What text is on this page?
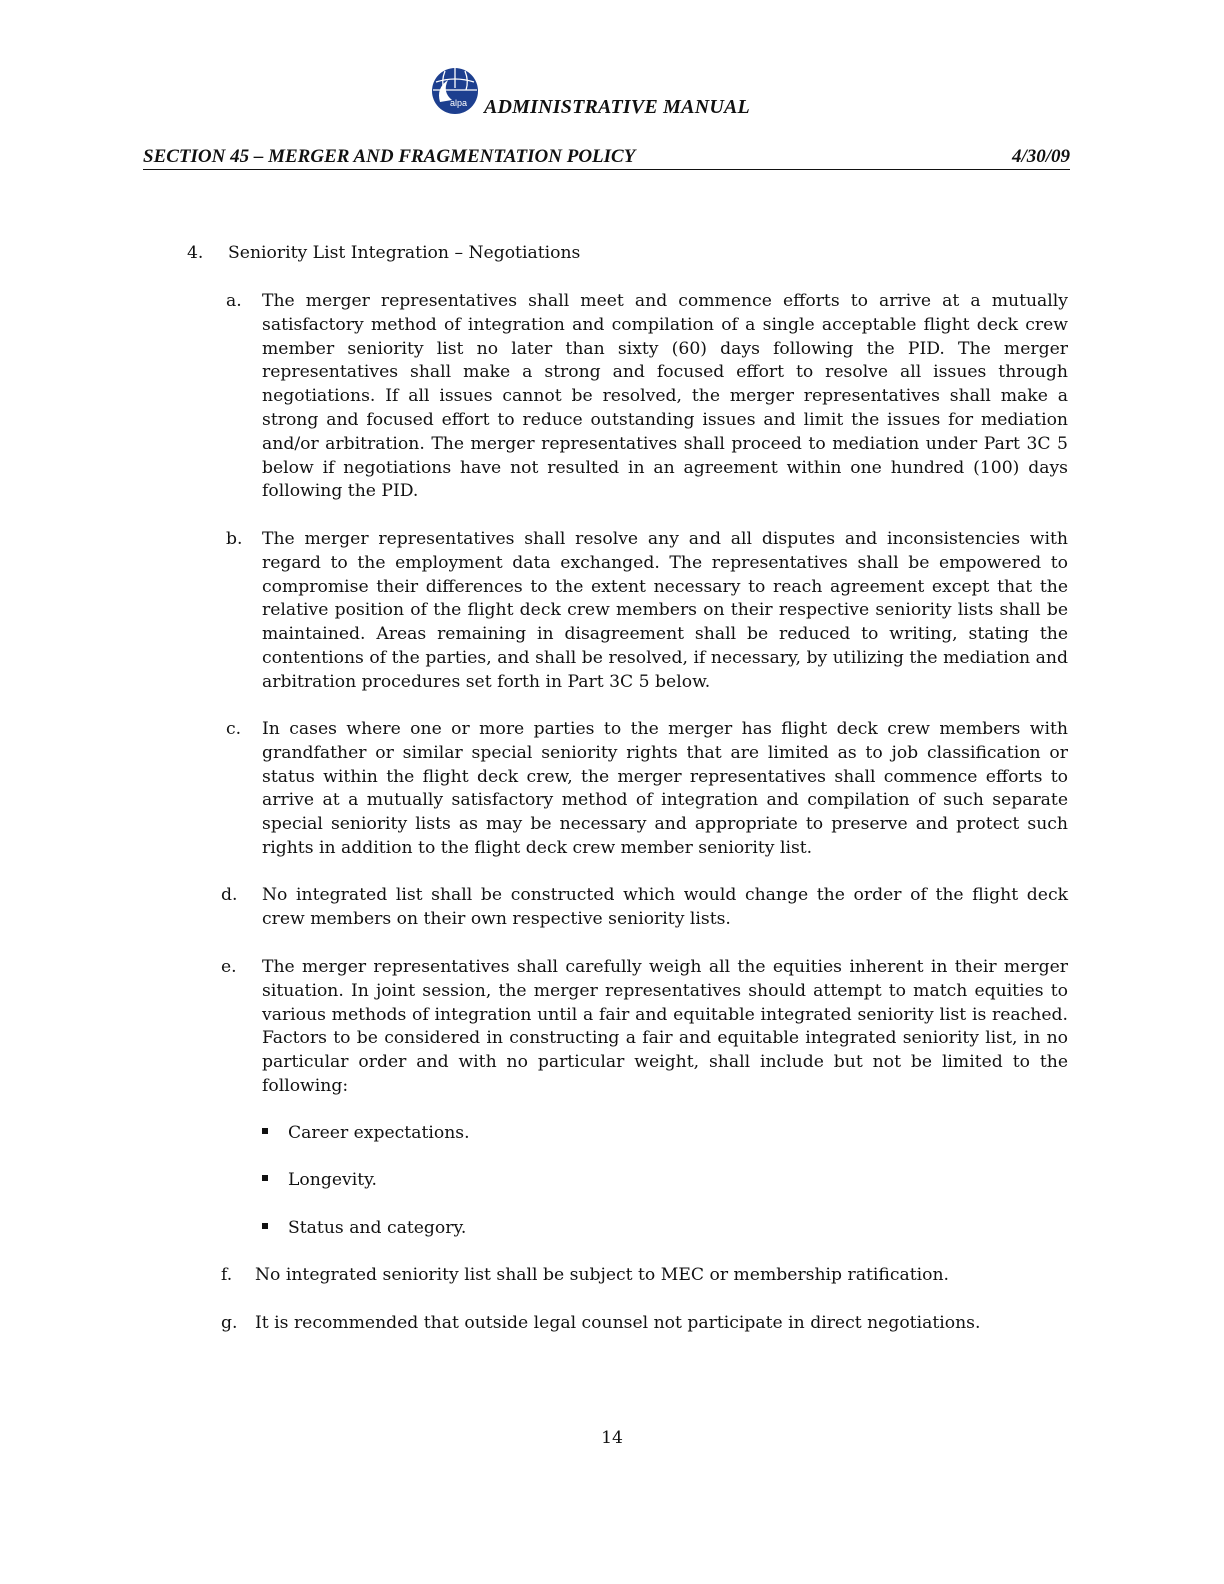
alpa ADMINISTRATIVE MANUAL
SECTION 45 – MERGER AND FRAGMENTATION POLICY	4/30/09
4. Seniority List Integration – Negotiations
a. The merger representatives shall meet and commence efforts to arrive at a mutually satisfactory method of integration and compilation of a single acceptable flight deck crew member seniority list no later than sixty (60) days following the PID. The merger representatives shall make a strong and focused effort to resolve all issues through negotiations. If all issues cannot be resolved, the merger representatives shall make a strong and focused effort to reduce outstanding issues and limit the issues for mediation and/or arbitration. The merger representatives shall proceed to mediation under Part 3C 5 below if negotiations have not resulted in an agreement within one hundred (100) days following the PID.
b. The merger representatives shall resolve any and all disputes and inconsistencies with regard to the employment data exchanged. The representatives shall be empowered to compromise their differences to the extent necessary to reach agreement except that the relative position of the flight deck crew members on their respective seniority lists shall be maintained. Areas remaining in disagreement shall be reduced to writing, stating the contentions of the parties, and shall be resolved, if necessary, by utilizing the mediation and arbitration procedures set forth in Part 3C 5 below.
c. In cases where one or more parties to the merger has flight deck crew members with grandfather or similar special seniority rights that are limited as to job classification or status within the flight deck crew, the merger representatives shall commence efforts to arrive at a mutually satisfactory method of integration and compilation of such separate special seniority lists as may be necessary and appropriate to preserve and protect such rights in addition to the flight deck crew member seniority list.
d. No integrated list shall be constructed which would change the order of the flight deck crew members on their own respective seniority lists.
e. The merger representatives shall carefully weigh all the equities inherent in their merger situation. In joint session, the merger representatives should attempt to match equities to various methods of integration until a fair and equitable integrated seniority list is reached. Factors to be considered in constructing a fair and equitable integrated seniority list, in no particular order and with no particular weight, shall include but not be limited to the following:
Career expectations.
Longevity.
Status and category.
f. No integrated seniority list shall be subject to MEC or membership ratification.
g. It is recommended that outside legal counsel not participate in direct negotiations.
14
